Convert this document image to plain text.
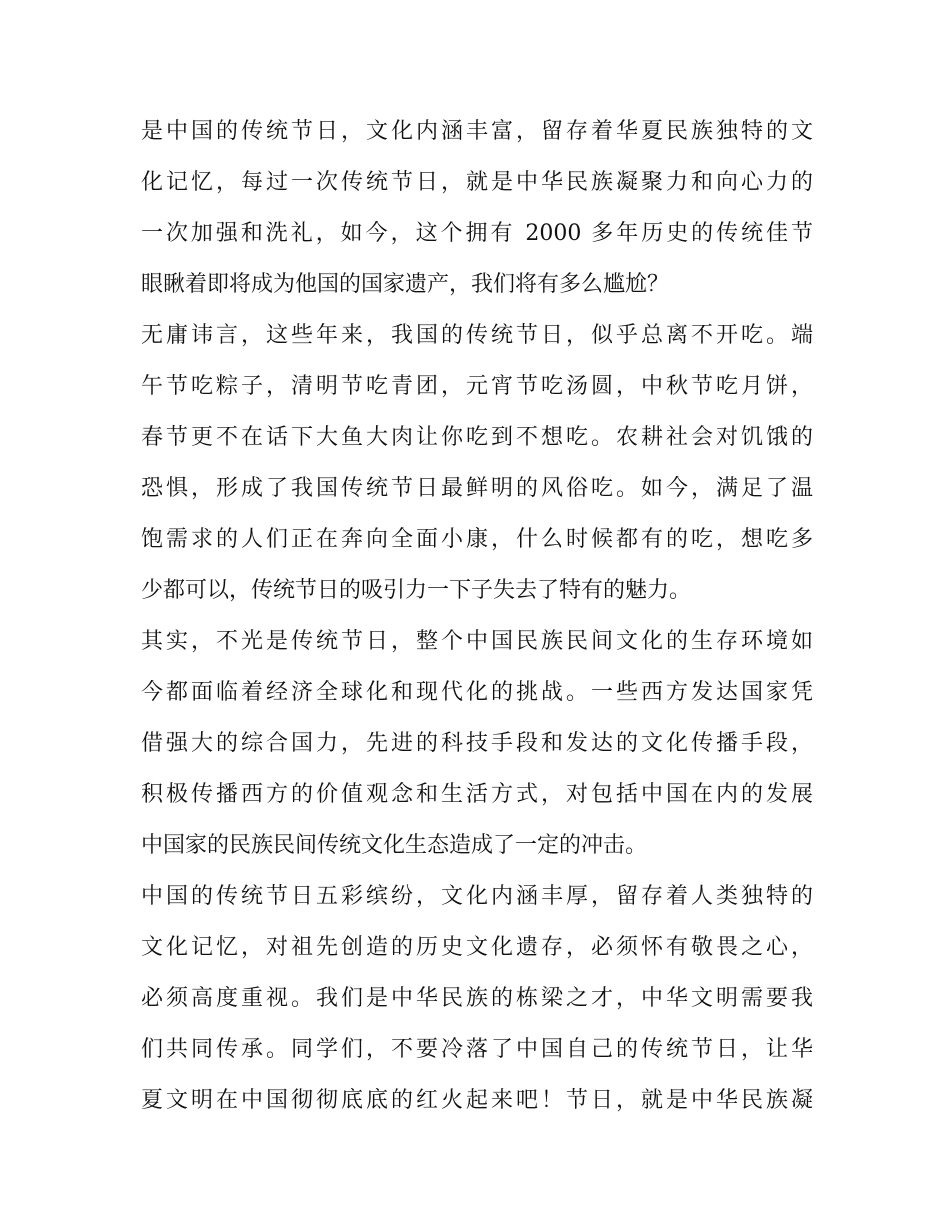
是中国的传统节日，文化内涵丰富，留存着华夏民族独特的文
化记忆，每过一次传统节日，就是中华民族凝聚力和向心力的
一次加强和洗礼，如今，这个拥有 2000 多年历史的传统佳节
眼瞅着即将成为他国的国家遗产，我们将有多么尴尬？
无庸讳言，这些年来，我国的传统节日，似乎总离不开吃。端
午节吃粽子，清明节吃青团，元宵节吃汤圆，中秋节吃月饼，
春节更不在话下大鱼大肉让你吃到不想吃。农耕社会对饥饿的
恐惧，形成了我国传统节日最鲜明的风俗吃。如今，满足了温
饱需求的人们正在奔向全面小康，什么时候都有的吃，想吃多
少都可以，传统节日的吸引力一下子失去了特有的魅力。
其实，不光是传统节日，整个中国民族民间文化的生存环境如
今都面临着经济全球化和现代化的挑战。一些西方发达国家凭
借强大的综合国力，先进的科技手段和发达的文化传播手段，
积极传播西方的价值观念和生活方式，对包括中国在内的发展
中国家的民族民间传统文化生态造成了一定的冲击。
中国的传统节日五彩缤纷，文化内涵丰厚，留存着人类独特的
文化记忆，对祖先创造的历史文化遗存，必须怀有敬畏之心，
必须高度重视。我们是中华民族的栋梁之才，中华文明需要我
们共同传承。同学们，不要冷落了中国自己的传统节日，让华
夏文明在中国彻彻底底的红火起来吧！节日，就是中华民族凝
